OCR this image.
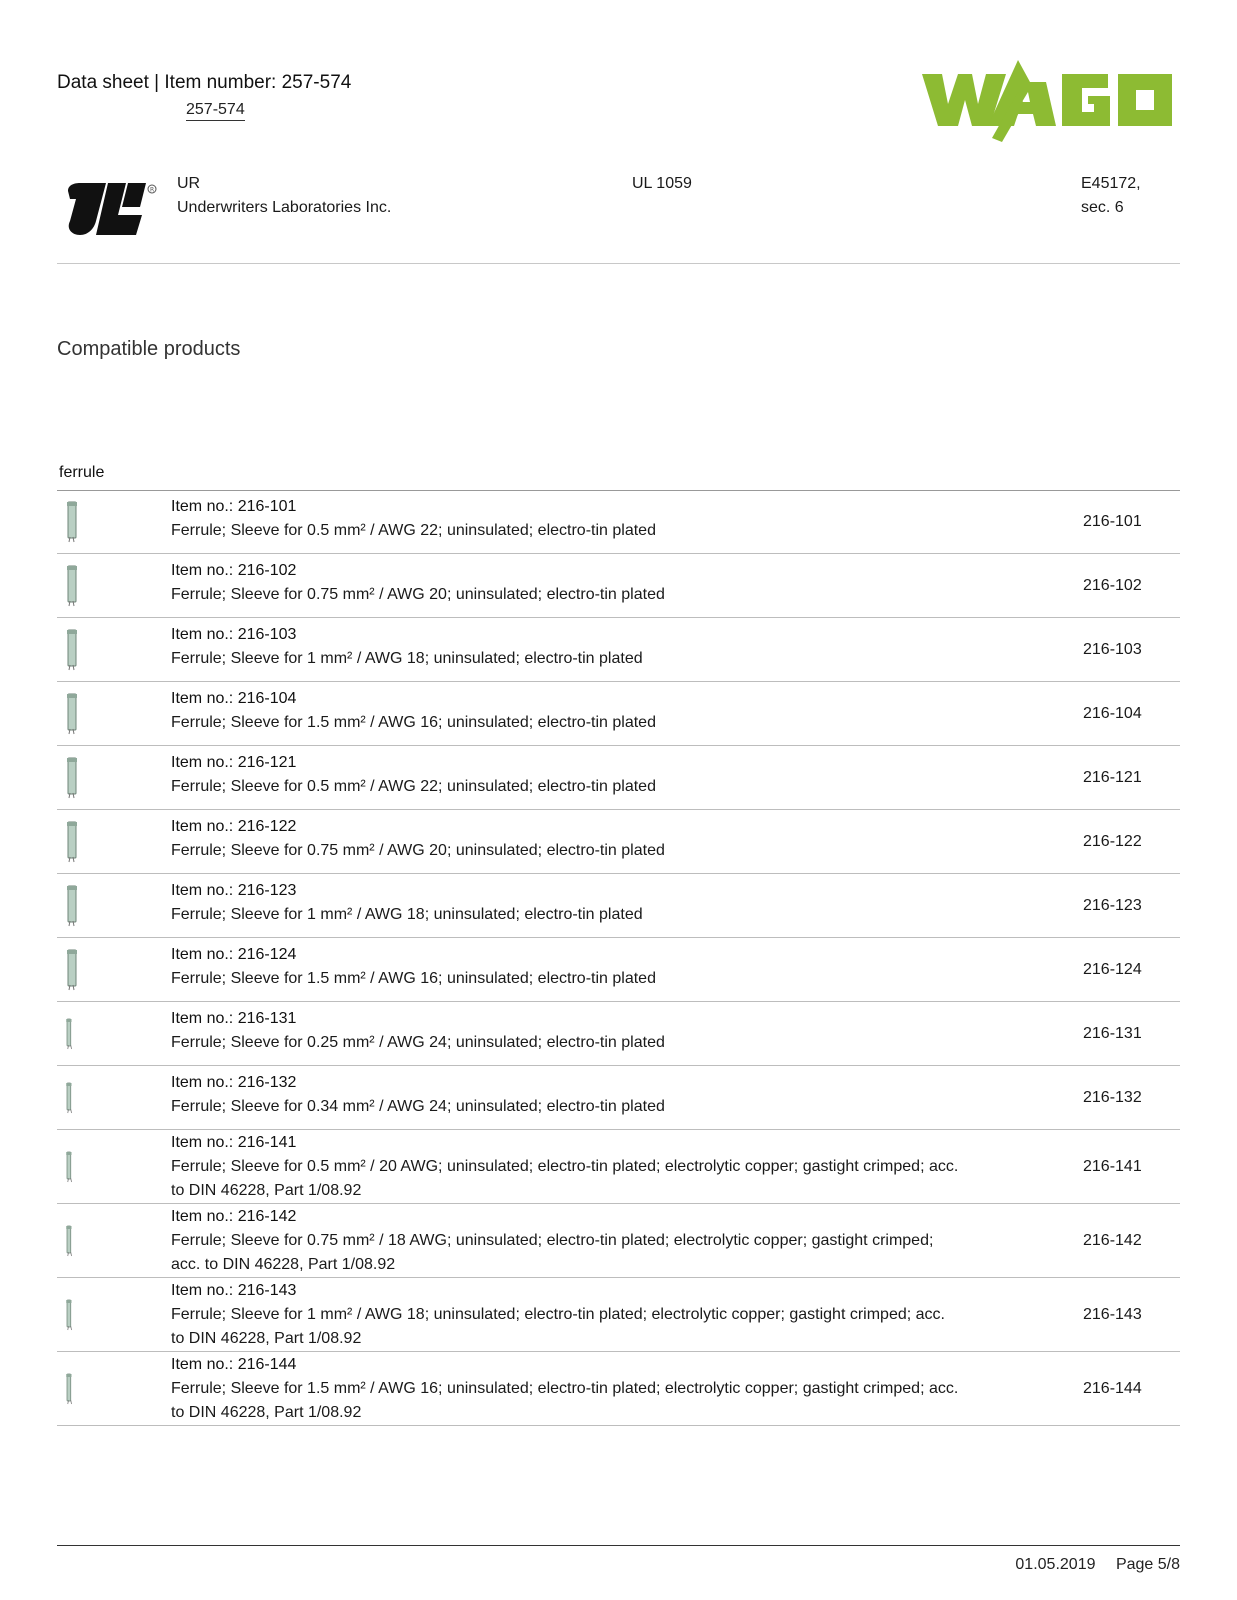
Data sheet | Item number: 257-574
257-574
R UR
Underwriters Laboratories Inc.
UL 1059	E45172,
sec. 6
Compatible products
ferrule
Item no.: 216-101
Ferrule; Sleeve for 0.5 mm² / AWG 22; uninsulated; electro-tin plated
216-101
Item no.: 216-102
Ferrule; Sleeve for 0.75 mm² / AWG 20; uninsulated; electro-tin plated
216-102
Item no.: 216-103
Ferrule; Sleeve for 1 mm² / AWG 18; uninsulated; electro-tin plated
216-103
Item no.: 216-104
Ferrule; Sleeve for 1.5 mm² / AWG 16; uninsulated; electro-tin plated
216-104
Item no.: 216-121
Ferrule; Sleeve for 0.5 mm² / AWG 22; uninsulated; electro-tin plated
216-121
Item no.: 216-122
Ferrule; Sleeve for 0.75 mm² / AWG 20; uninsulated; electro-tin plated
216-122
Item no.: 216-123
Ferrule; Sleeve for 1 mm² / AWG 18; uninsulated; electro-tin plated
216-123
Item no.: 216-124
Ferrule; Sleeve for 1.5 mm² / AWG 16; uninsulated; electro-tin plated
216-124
Item no.: 216-131
Ferrule; Sleeve for 0.25 mm² / AWG 24; uninsulated; electro-tin plated
216-131
Item no.: 216-132
Ferrule; Sleeve for 0.34 mm² / AWG 24; uninsulated; electro-tin plated
216-132
Item no.: 216-141
Ferrule; Sleeve for 0.5 mm² / 20 AWG; uninsulated; electro-tin plated; electrolytic copper; gastight crimped; acc. to DIN 46228, Part 1/08.92
216-141
Item no.: 216-142
Ferrule; Sleeve for 0.75 mm² / 18 AWG; uninsulated; electro-tin plated; electrolytic copper; gastight crimped; acc. to DIN 46228, Part 1/08.92
216-142
Item no.: 216-143
Ferrule; Sleeve for 1 mm² / AWG 18; uninsulated; electro-tin plated; electrolytic copper; gastight crimped; acc. to DIN 46228, Part 1/08.92
216-143
Item no.: 216-144
Ferrule; Sleeve for 1.5 mm² / AWG 16; uninsulated; electro-tin plated; electrolytic copper; gastight crimped; acc. to DIN 46228, Part 1/08.92
216-144
01.05.2019 Page 5/8
